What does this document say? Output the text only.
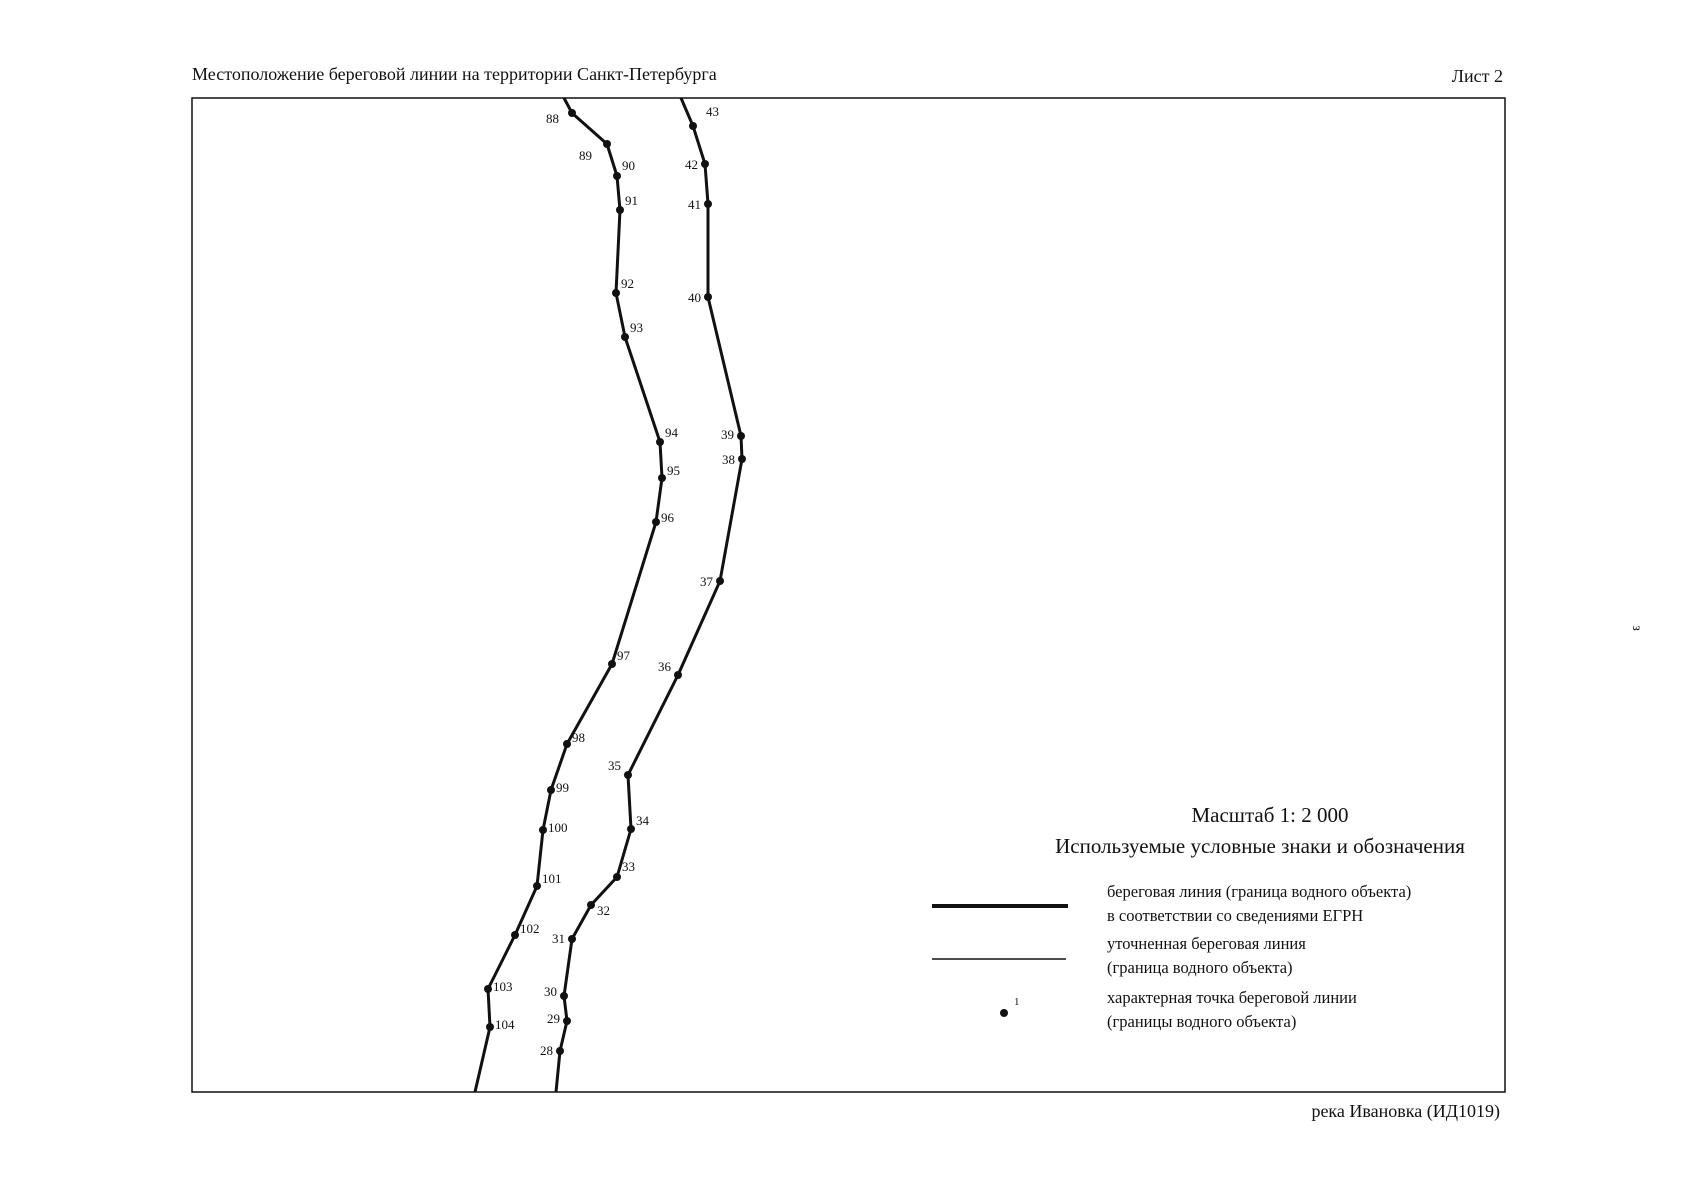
Местоположение береговой линии на территории Санкт-Петербурга	Лист 2
88
89
90
91
92
93
94
95
96
97
98
99
100
101
102
103
104
43
42
41
40
39
38
37
36
35
34
33
32
31
30
29
28
Масштаб 1: 2 000
Используемые условные знаки и обозначения
береговая линия (граница водного объекта)
в соответствии со сведениями ЕГРН
уточненная береговая линия
(граница водного объекта)
1	характерная точка береговой линии
(границы водного объекта)
река Ивановка (ИД1019)
з
